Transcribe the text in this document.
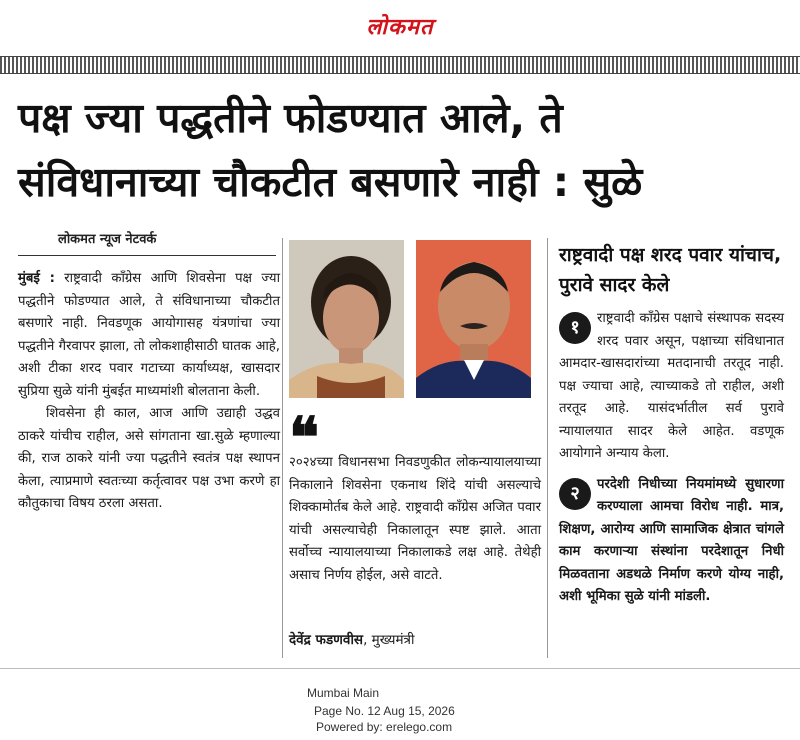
लोकमत
पक्ष ज्या पद्धतीने फोडण्यात आले, ते
संविधानाच्या चौकटीत बसणारे नाही : सुळे
लोकमत न्यूज नेटवर्क

मुंबई : राष्ट्रवादी काँग्रेस आणि शिवसेना पक्ष ज्या पद्धतीने फोडण्यात आले, ते संविधानाच्या चौकटीत बसणारे नाही. निवडणूक आयोगासह यंत्रणांचा ज्या पद्धतीने गैरवापर झाला, तो लोकशाहीसाठी घातक आहे, अशी टीका शरद पवार गटाच्या कार्याध्यक्ष, खासदार सुप्रिया सुळे यांनी मुंबईत माध्यमांशी बोलताना केली.

शिवसेना ही काल, आज आणि उद्याही उद्धव ठाकरे यांचीच राहील, असे सांगताना खा.सुळे म्हणाल्या की, राज ठाकरे यांनी ज्या पद्धतीने स्वतंत्र पक्ष स्थापन केला, त्याप्रमाणे स्वतःच्या कर्तृत्वावर पक्ष उभा करणे हा कौतुकाचा विषय ठरला असता.

❝
२०२४च्या विधानसभा निवडणुकीत लोकन्यायालयाच्या निकालाने शिवसेना एकनाथ शिंदे यांची असल्याचे शिक्कामोर्तब केले आहे. राष्ट्रवादी काँग्रेस अजित पवार यांची असल्याचेही निकालातून स्पष्ट झाले. आता सर्वोच्च न्यायालयाच्या निकालाकडे लक्ष आहे. तेथेही असाच निर्णय होईल, असे वाटते.
देवेंद्र फडणवीस, मुख्यमंत्री
राष्ट्रवादी पक्ष शरद पवार यांचाच, पुरावे सादर केले
१	राष्ट्रवादी काँग्रेस पक्षाचे संस्थापक सदस्य शरद पवार असून, पक्षाच्या संविधानात आमदार-खासदारांच्या मतदानाची तरतूद नाही. पक्ष ज्याचा आहे, त्याच्याकडे तो राहील, अशी तरतूद आहे. यासंदर्भातील सर्व पुरावे न्यायालयात सादर केले आहेत. वडणूक आयोगाने अन्याय केला.
२	परदेशी निधीच्या नियमांमध्ये सुधारणा करण्याला आमचा विरोध नाही. मात्र, शिक्षण, आरोग्य आणि सामाजिक क्षेत्रात चांगले काम करणाऱ्या संस्थांना परदेशातून निधी मिळवताना अडथळे निर्माण करणे योग्य नाही, अशी भूमिका सुळे यांनी मांडली.
Mumbai Main
Page No. 12 Aug 15, 2026
Powered by: erelego.com
